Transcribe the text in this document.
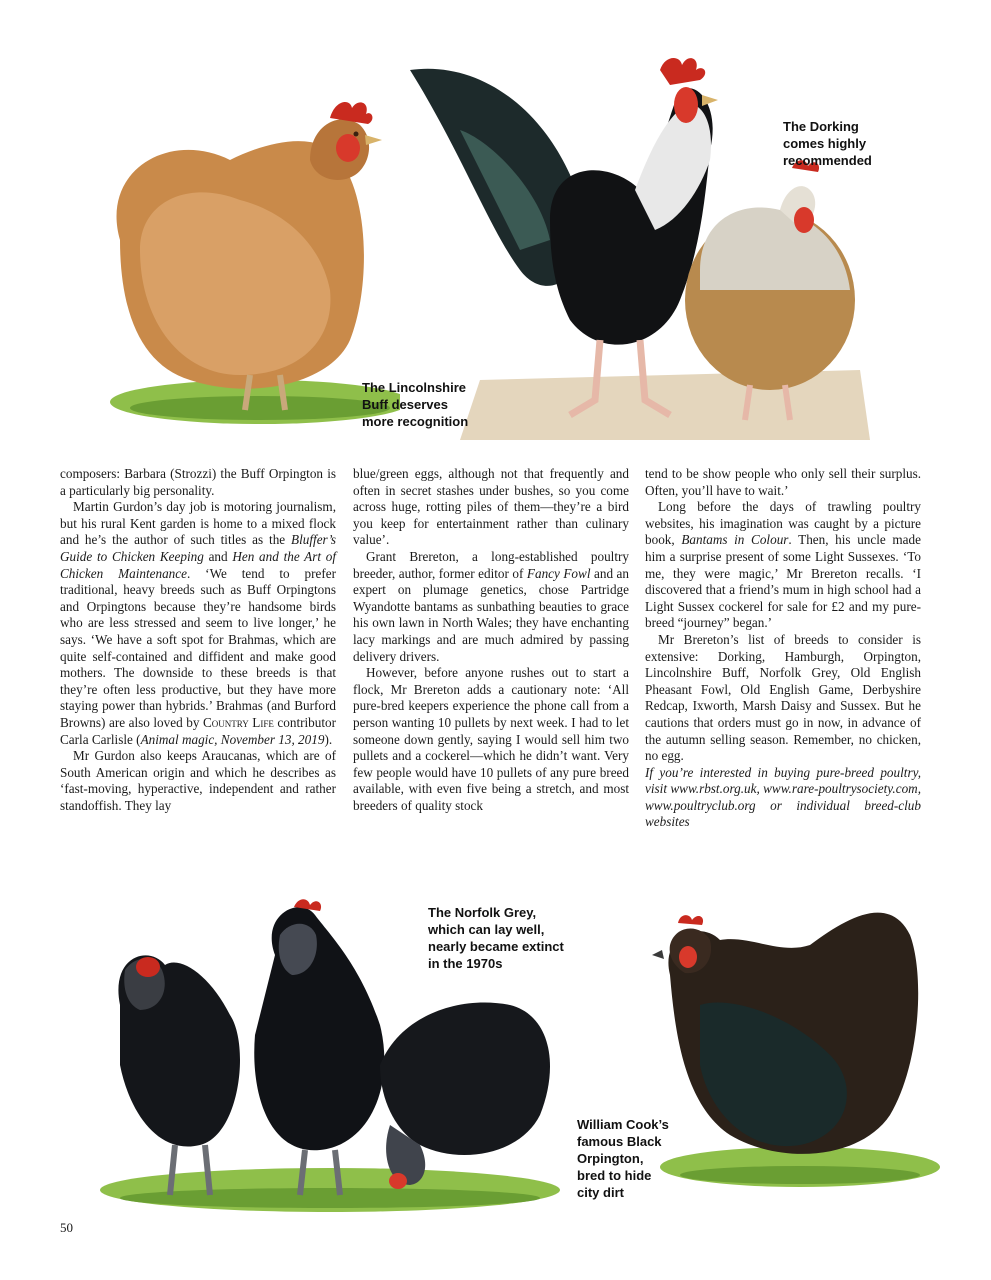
The Lincolnshire
Buff deserves
more recognition
The Dorking
comes highly
recommended
The Norfolk Grey,
which can lay well,
nearly became extinct
in the 1970s
William Cook’s
famous Black
Orpington,
bred to hide
city dirt

composers: Barbara (Strozzi) the Buff Orpington is a particularly big personality.

Martin Gurdon’s day job is motoring journalism, but his rural Kent garden is home to a mixed flock and he’s the author of such titles as the Bluffer’s Guide to Chicken Keeping and Hen and the Art of Chicken Maintenance. ‘We tend to prefer traditional, heavy breeds such as Buff Orpingtons and Orpingtons because they’re handsome birds who are less stressed and seem to live longer,’ he says. ‘We have a soft spot for Brahmas, which are quite self-contained and diffident and make good mothers. The downside to these breeds is that they’re often less productive, but they have more staying power than hybrids.’ Brahmas (and Burford Browns) are also loved by Country Life contributor Carla Carlisle (Animal magic, November 13, 2019).

Mr Gurdon also keeps Araucanas, which are of South American origin and which he describes as ‘fast-moving, hyperactive, independent and rather standoffish. They lay

blue/green eggs, although not that frequently and often in secret stashes under bushes, so you come across huge, rotting piles of them—they’re a bird you keep for entertainment rather than culinary value’.

Grant Brereton, a long-established poultry breeder, author, former editor of Fancy Fowl and an expert on plumage genetics, chose Partridge Wyandotte bantams as sunbathing beauties to grace his own lawn in North Wales; they have enchanting lacy markings and are much admired by passing delivery drivers.

However, before anyone rushes out to start a flock, Mr Brereton adds a cautionary note: ‘All pure-bred keepers experience the phone call from a person wanting 10 pullets by next week. I had to let someone down gently, saying I would sell him two pullets and a cockerel—which he didn’t want. Very few people would have 10 pullets of any pure breed available, with even five being a stretch, and most breeders of quality stock

tend to be show people who only sell their surplus. Often, you’ll have to wait.’

Long before the days of trawling poultry websites, his imagination was caught by a picture book, Bantams in Colour. Then, his uncle made him a surprise present of some Light Sussexes. ‘To me, they were magic,’ Mr Brereton recalls. ‘I discovered that a friend’s mum in high school had a Light Sussex cockerel for sale for £2 and my pure-breed “journey” began.’

Mr Brereton’s list of breeds to consider is extensive: Dorking, Hamburgh, Orpington, Lincolnshire Buff, Norfolk Grey, Old English Pheasant Fowl, Old English Game, Derbyshire Redcap, Ixworth, Marsh Daisy and Sussex. But he cautions that orders must go in now, in advance of the autumn selling season. Remember, no chicken, no egg.

If you’re interested in buying pure-breed poultry, visit www.rbst.org.uk, www.rare-poultrysociety.com, www.poultryclub.org or individual breed-club websites

50
